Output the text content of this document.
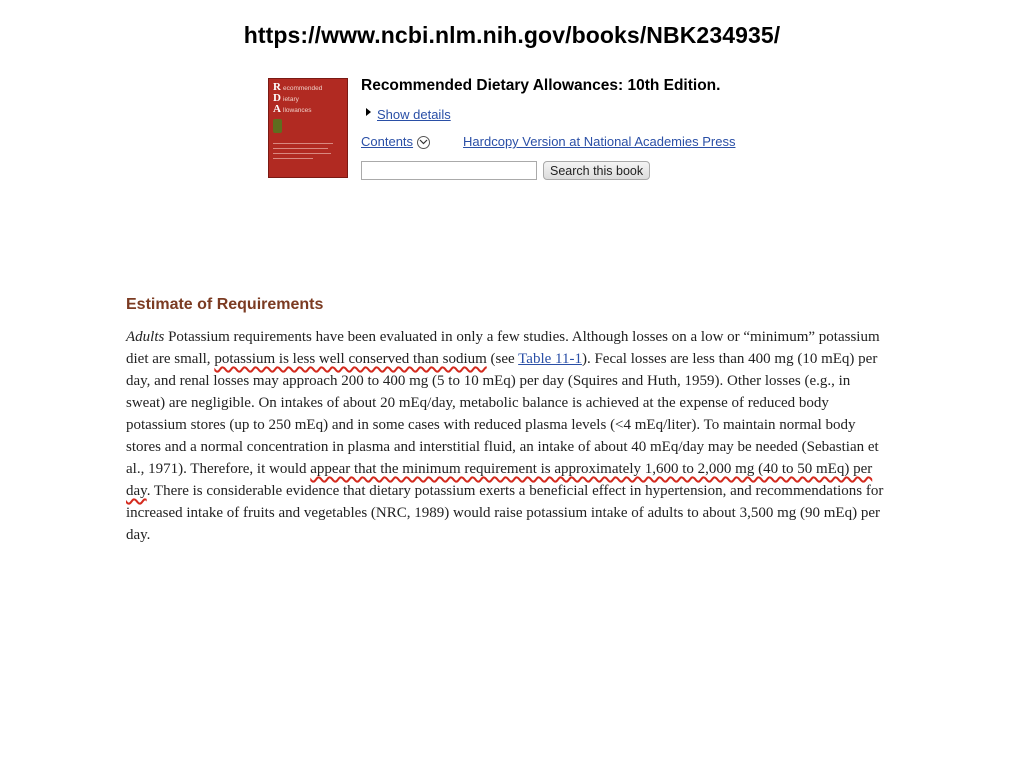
https://www.ncbi.nlm.nih.gov/books/NBK234935/
R
D
A
ecommended
ietary
llowances
Recommended Dietary Allowances: 10th Edition.
Show details
Contents	Hardcopy Version at National Academies Press
Search this book
Estimate of Requirements
Adults Potassium requirements have been evaluated in only a few studies. Although losses on a low or “minimum” potassium diet are small, potassium is less well conserved than sodium (see Table 11-1). Fecal losses are less than 400 mg (10 mEq) per day, and renal losses may approach 200 to 400 mg (5 to 10 mEq) per day (Squires and Huth, 1959). Other losses (e.g., in sweat) are negligible. On intakes of about 20 mEq/day, metabolic balance is achieved at the expense of reduced body potassium stores (up to 250 mEq) and in some cases with reduced plasma levels (<4 mEq/liter). To maintain normal body stores and a normal concentration in plasma and interstitial fluid, an intake of about 40 mEq/day may be needed (Sebastian et al., 1971). Therefore, it would appear that the minimum requirement is approximately 1,600 to 2,000 mg (40 to 50 mEq) per day. There is considerable evidence that dietary potassium exerts a beneficial effect in hypertension, and recommendations for increased intake of fruits and vegetables (NRC, 1989) would raise potassium intake of adults to about 3,500 mg (90 mEq) per day.
